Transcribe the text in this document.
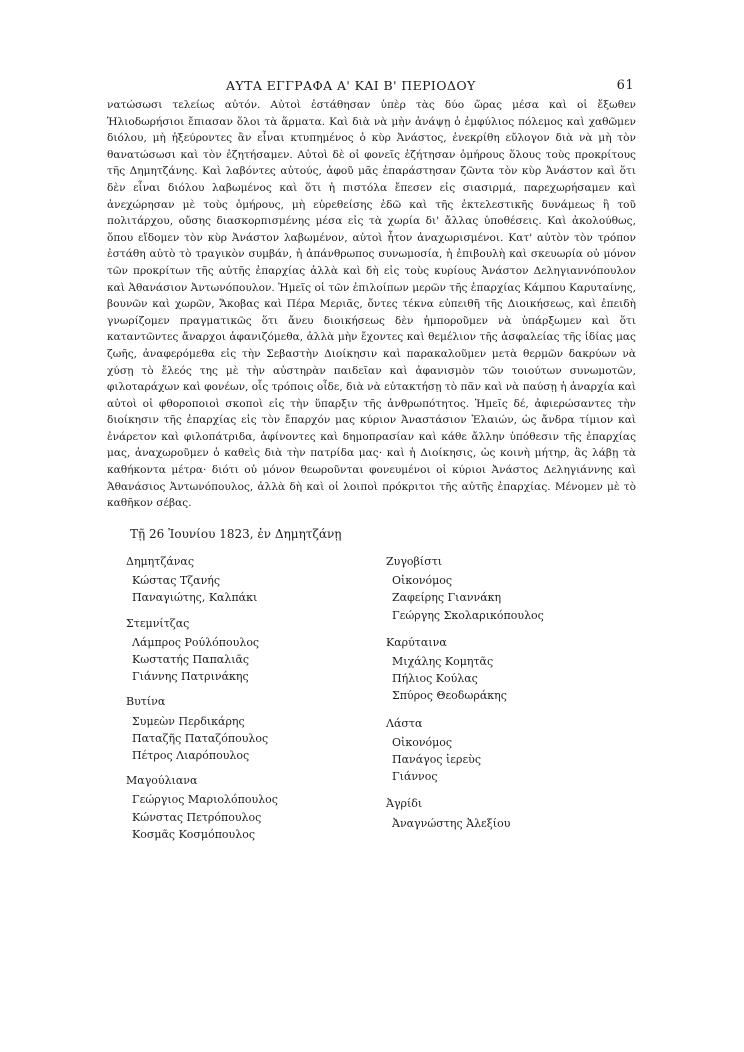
ΑΥΤΑ ΕΓΓΡΑΦΑ Α' ΚΑΙ Β' ΠΕΡΙΟΔΟΥ	61

νατώσωσι τελείως αὐτόν. Αὐτοὶ ἐστάθησαν ὑπὲρ τὰς δύο ὥρας μέσα καὶ οἱ ἔξωθεν Ἡλιοδωρήσιοι ἔπιασαν ὅλοι τὰ ἅρματα. Καὶ διὰ νὰ μὴν ἀνάψῃ ὁ ἐμφύλιος πόλεμος καὶ χαθῶμεν διόλου, μὴ ἠξεύροντες ἂν εἶναι κτυπημένος ὁ κὺρ Ἀνάστος, ἐνεκρίθη εὔλογον διὰ νὰ μὴ τὸν θανατώσωσι καὶ τὸν ἐζητήσαμεν. Αὐτοὶ δὲ οἱ φονεῖς ἐζήτησαν ὁμήρους ὅλους τοὺς προκρίτους τῆς Δημητζάνης. Καὶ λαβόντες αὐτούς, ἀφοῦ μᾶς ἐπαράστησαν ζῶντα τὸν κὺρ Ἀνάστον καὶ ὅτι δὲν εἶναι διόλου λαβωμένος καὶ ὅτι ἡ πιστόλα ἔπεσεν εἰς σιασιρμά, παρεχωρήσαμεν καὶ ἀνεχώρησαν μὲ τοὺς ὁμήρους, μὴ εὑρεθείσης ἐδῶ καὶ τῆς ἐκτελεστικῆς δυνάμεως ἢ τοῦ πολιτάρχου, οὔσης διασκορπισμένης μέσα εἰς τὰ χωρία δι' ἄλλας ὑποθέσεις. Καὶ ἀκολούθως, ὅπου εἴδομεν τὸν κὺρ Ἀνάστον λαβωμένον, αὐτοὶ ἦτον ἀναχωρισμένοι. Κατ' αὐτὸν τὸν τρόπον ἐστάθη αὐτὸ τὸ τραγικὸν συμβάν, ἡ ἀπάνθρωπος συνωμοσία, ἡ ἐπιβουλὴ καὶ σκευωρία οὐ μόνον τῶν προκρίτων τῆς αὐτῆς ἐπαρχίας ἀλλὰ καὶ δὴ εἰς τοὺς κυρίους Ἀνάστον Δεληγιαννόπουλον καὶ Ἀθανάσιον Ἀντωνόπουλον. Ἡμεῖς οἱ τῶν ἐπιλοίπων μερῶν τῆς ἐπαρχίας Κάμπου Καρυταίνης, βουνῶν καὶ χωρῶν, Ἄκοβας καὶ Πέρα Μεριᾶς, ὄντες τέκνα εὐπειθῆ τῆς Διοικήσεως, καὶ ἐπειδὴ γνωρίζομεν πραγματικῶς ὅτι ἄνευ διοικήσεως δὲν ἠμποροῦμεν νὰ ὑπάρξωμεν καὶ ὅτι καταντῶντες ἄναρχοι ἀφανιζόμεθα, ἀλλὰ μὴν ἔχοντες καὶ θεμέλιον τῆς ἀσφαλείας τῆς ἰδίας μας ζωῆς, ἀναφερόμεθα εἰς τὴν Σεβαστὴν Διοίκησιν καὶ παρακαλοῦμεν μετὰ θερμῶν δακρύων νὰ χύσῃ τὸ ἔλεός της μὲ τὴν αὐστηρὰν παιδεῖαν καὶ ἀφανισμὸν τῶν τοιούτων συνωμοτῶν, φιλοταράχων καὶ φονέων, οἷς τρόποις οἶδε, διὰ νὰ εὐτακτήσῃ τὸ πᾶν καὶ νὰ παύσῃ ἡ ἀναρχία καὶ αὐτοὶ οἱ φθοροποιοὶ σκοποὶ εἰς τὴν ὕπαρξιν τῆς ἀνθρωπότητος. Ἡμεῖς δέ, ἀφιερώσαντες τὴν διοίκησιν τῆς ἐπαρχίας εἰς τὸν ἔπαρχόν μας κύριον Ἀναστάσιον Ἐλαιών, ὡς ἄνδρα τίμιον καὶ ἐνάρετον καὶ φιλοπάτριδα, ἀφίνοντες καὶ δημοπρασίαν καὶ κάθε ἄλλην ὑπόθεσιν τῆς ἐπαρχίας μας, ἀναχωροῦμεν ὁ καθεὶς διὰ τὴν πατρίδα μας· καὶ ἡ Διοίκησις, ὡς κοινὴ μήτηρ, ἂς λάβῃ τὰ καθήκοντα μέτρα· διότι οὐ μόνον θεωροῦνται φονευμένοι οἱ κύριοι Ἀνάστος Δεληγιάννης καὶ Ἀθανάσιος Ἀντωνόπουλος, ἀλλὰ δὴ καὶ οἱ λοιποὶ πρόκριτοι τῆς αὐτῆς ἐπαρχίας. Μένομεν μὲ τὸ καθῆκον σέβας.

Τῇ 26 Ἰουνίου 1823, ἐν Δημητζάνῃ
Δημητζάνας
Κώστας Τζανής
Παναγιώτης, Καλπάκι
Στεμνίτζας
Λάμπρος Ρούλόπουλος
Κωστατής Παπαλιᾶς
Γιάννης Πατρινάκης
Βυτίνα
Συμεὼν Περδικάρης
Παταζῆς Παταζόπουλος
Πέτρος Λιαρόπουλος
Μαγούλιανα
Γεώργιος Μαριολόπουλος
Κώνστας Πετρόπουλος
Κοσμᾶς Κοσμόπουλος
Ζυγοβίστι
Οἰκονόμος
Ζαφείρης Γιαννάκη
Γεώργης Σκολαρικόπουλος
Καρύταινα
Μιχάλης Κομητᾶς
Πήλιος Κούλας
Σπύρος Θεοδωράκης
Λάστα
Οἰκονόμος
Πανάγος ἱερεὺς
Γιάννος
Ἀγρίδι
Ἀναγνώστης Ἀλεξίου
